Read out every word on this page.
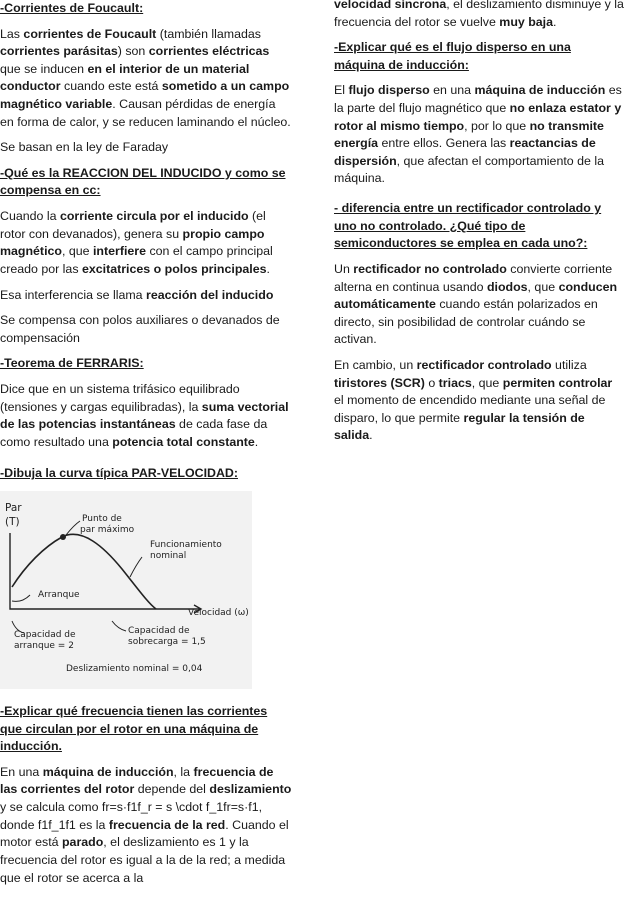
-Corrientes de Foucault:

Las corrientes de Foucault (también llamadas corrientes parásitas) son corrientes eléctricas que se inducen en el interior de un material conductor cuando este está sometido a un campo magnético variable. Causan pérdidas de energía en forma de calor, y se reducen laminando el núcleo.

Se basan en la ley de Faraday

-Qué es la REACCION DEL INDUCIDO y como se compensa en cc:

Cuando la corriente circula por el inducido (el rotor con devanados), genera su propio campo magnético, que interfiere con el campo principal creado por las excitatrices o polos principales.

Esa interferencia se llama reacción del inducido

Se compensa con polos auxiliares o devanados de compensación

-Teorema de FERRARIS:

Dice que en un sistema trifásico equilibrado (tensiones y cargas equilibradas), la suma vectorial de las potencias instantáneas de cada fase da como resultado una potencia total constante.

-Dibuja la curva típica PAR-VELOCIDAD:
Par
(T)	Punto de
par máximo
Funcionamiento
nominal
Arranque
Velocidad (ω)
Capacidad de
arranque = 2
Capacidad de
sobrecarga = 1,5
Deslizamiento nominal = 0,04
-Explicar qué frecuencia tienen las corrientes que circulan por el rotor en una máquina de inducción.

En una máquina de inducción, la frecuencia de las corrientes del rotor depende del deslizamiento y se calcula como fr=s·f1f_r = s \cdot f_1fr=s·f1, donde f1f_1f1 es la frecuencia de la red. Cuando el motor está parado, el deslizamiento es 1 y la frecuencia del rotor es igual a la de la red; a medida que el rotor se acerca a la

velocidad síncrona, el deslizamiento disminuye y la frecuencia del rotor se vuelve muy baja.

-Explicar qué es el flujo disperso en una máquina de inducción:

El flujo disperso en una máquina de inducción es la parte del flujo magnético que no enlaza estator y rotor al mismo tiempo, por lo que no transmite energía entre ellos. Genera las reactancias de dispersión, que afectan el comportamiento de la máquina.

- diferencia entre un rectificador controlado y uno no controlado. ¿Qué tipo de semiconductores se emplea en cada uno?:

Un rectificador no controlado convierte corriente alterna en continua usando diodos, que conducen automáticamente cuando están polarizados en directo, sin posibilidad de controlar cuándo se activan.

En cambio, un rectificador controlado utiliza tiristores (SCR) o triacs, que permiten controlar el momento de encendido mediante una señal de disparo, lo que permite regular la tensión de salida.
